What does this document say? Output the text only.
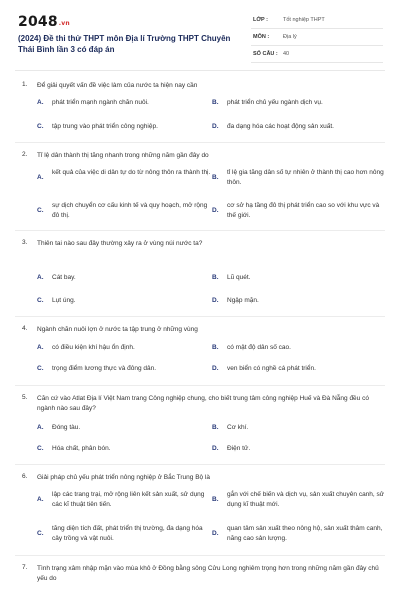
2048.vn
(2024) Đề thi thử THPT môn Địa lí Trường THPT Chuyên Thái Bình lần 3 có đáp án
LỚP :	Tốt nghiệp THPT
MÔN :	Địa lý
SỐ CÂU : 40
1. Để giải quyết vấn đề việc làm của nước ta hiện nay cần
A. phát triển mạnh ngành chăn nuôi.	B. phát triển chủ yếu ngành dịch vụ.
C. tập trung vào phát triển công nghiệp.	D. đa dạng hóa các hoạt động sản xuất.
2. Tỉ lệ dân thành thị tăng nhanh trong những năm gần đây do
A.
kết quả của việc di dân tự do từ nông thôn ra thành thị.
B.
tỉ lệ gia tăng dân số tự nhiên ở thành thị cao hơn nông thôn.
C.
sự dịch chuyển cơ cấu kinh tế và quy hoạch, mở rộng đô thị.
D.
cơ sở hạ tầng đô thị phát triển cao so với khu vực và thế giới.
3. Thiên tai nào sau đây thường xảy ra ở vùng núi nước ta?
A. Cát bay.	B. Lũ quét.
C. Lụt úng.	D. Ngập mặn.
4. Ngành chăn nuôi lợn ở nước ta tập trung ở những vùng
A. có điều kiện khí hậu ổn định.	B. có mật độ dân số cao.
C. trọng điểm lương thực và đông dân.	D. ven biển có nghề cá phát triển.
5. Căn cứ vào Atlat Địa lí Việt Nam trang Công nghiệp chung, cho biết trung tâm công nghiệp Huế và Đà Nẵng đều có ngành nào sau đây?
A. Đóng tàu.	B. Cơ khí.
C. Hóa chất, phân bón.	D. Điện tử.
6. Giải pháp chủ yếu phát triển nông nghiệp ở Bắc Trung Bộ là
A.
lập các trang trại, mở rộng liên kết sản xuất, sử dụng các kĩ thuật tiên tiến.
B.
gắn với chế biến và dịch vụ, sản xuất chuyên canh, sử dụng kĩ thuật mới.
C.
tăng diện tích đất, phát triển thị trường, đa dạng hóa cây trồng và vật nuôi.
D.
quan tâm sản xuất theo nông hộ, sản xuất thâm canh, năng cao sản lượng.
7. Tình trạng xâm nhập mặn vào mùa khô ở Đồng bằng sông Cửu Long nghiêm trọng hơn trong những năm gần đây chủ yếu do
